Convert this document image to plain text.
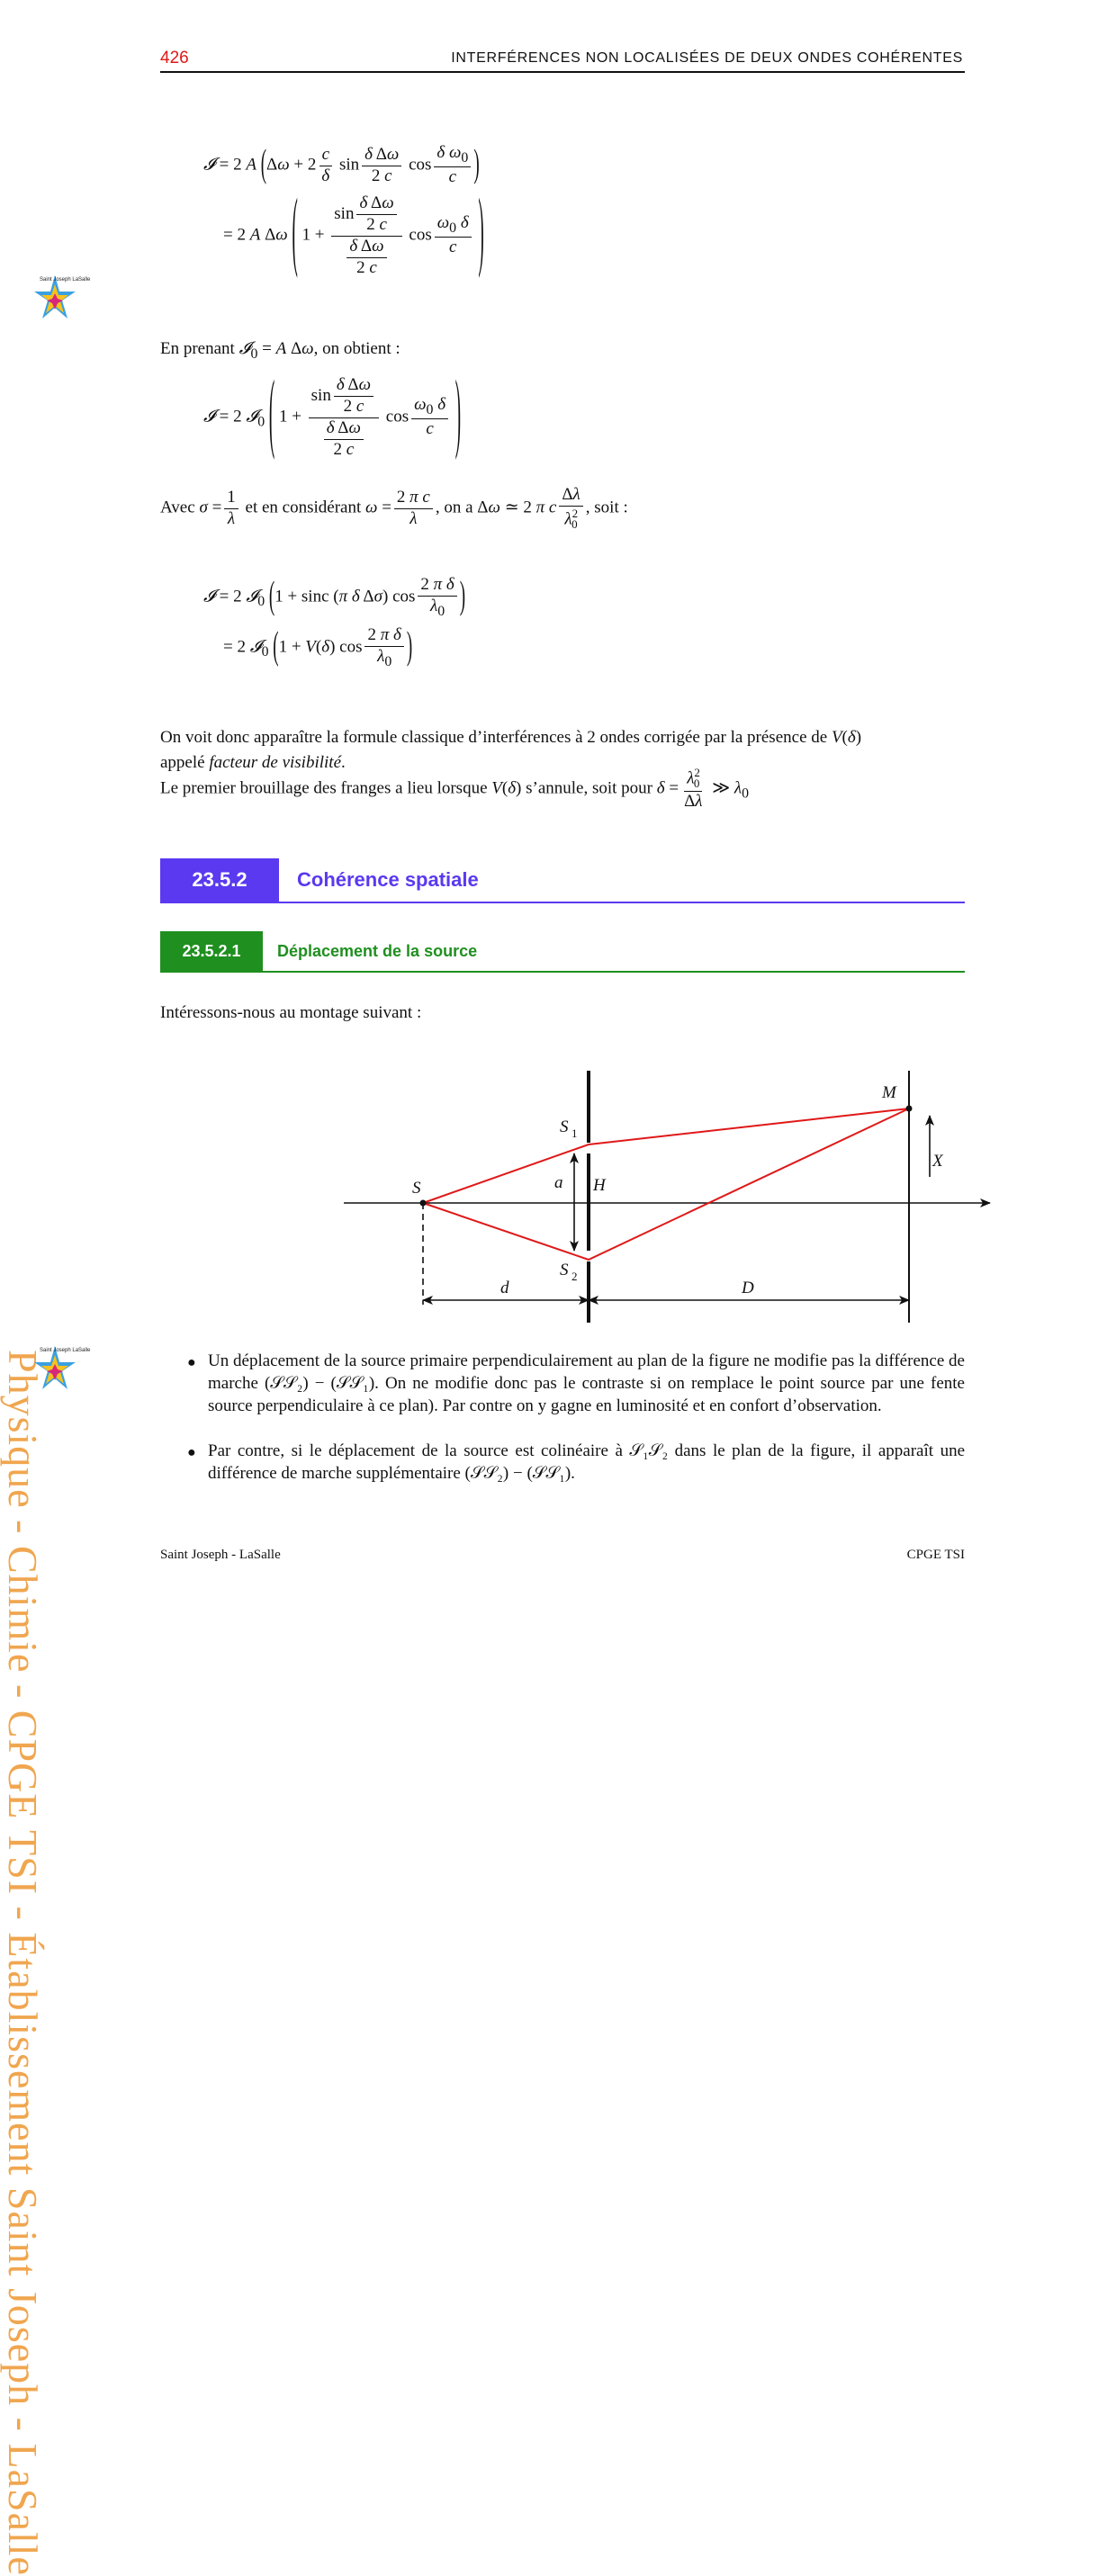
426	INTERFÉRENCES NON LOCALISÉES DE DEUX ONDES COHÉRENTES
Physique - Chimie - CPGE TSI - Établissement Saint Joseph - LaSalle
Saint Joseph LaSalle
Saint Joseph LaSalle
𝓘 = 2 A ($\Delta\omega + 2 \frac{c}{\delta}$ $\sin \frac{\text{δ Δω}}{2 c}$ $\cos \frac{\delta \omega_0}{c}$ )
= 2 A Δω ( $1 + \frac{\sin \frac{\text{δ Δω}}{2 c}}{\frac{\text{δ Δω}}{2 c}}$ $\cos \frac{\omega_0 \delta}{c}$ )
En prenant 𝓘$_0$ = A Δω, on obtient :
𝓘 = 2 𝓘$_0$ ( $1 + \frac{\sin \frac{\text{δ Δω}}{2 c}}{\frac{\text{δ Δω}}{2 c}}$ $\cos \frac{\omega_0 \delta}{c}$ )
Avec $\sigma = \frac{1}{\lambda}$ et en considérant $\omega = \frac{\text{2 π c}}{\lambda}$ , on a Δω ≃ 2 π c $\frac{\Delta\lambda}{\lambda^2_0}$ , soit :
𝓘 = 2 𝓘$_0$ (1 + sinc (π δ Δσ) $\cos \frac{\text{2 π δ}}{\lambda_0}$ )
= 2 𝓘$_0$ (1 + V(δ) $\cos \frac{\text{2 π δ}}{\lambda_0}$ )
On voit donc apparaître la formule classique d’interférences à 2 ondes corrigée par la présence de V(δ)
appelé facteur de visibilité.
Le premier brouillage des franges a lieu lorsque V(δ) s’annule, soit pour $\delta = \frac{\lambda^2_0}{\Delta\lambda}$ ≫ $\lambda_0$
23.5.2	Cohérence spatiale
23.5.2.1	Déplacement de la source
Intéressons-nous au montage suivant :
S
S 1
S 2
a H
M
X
d	D
● Un déplacement de la source primaire perpendiculairement au plan de la figure ne modifie pas la différence de marche (𝒮𝒮₂) − (𝒮𝒮₁). On ne modifie donc pas le contraste si on remplace le point source par une fente source perpendiculaire à ce plan). Par contre on y gagne en luminosité et en confort d’observation.
● Par contre, si le déplacement de la source est colinéaire à 𝒮₁𝒮₂ dans le plan de la figure, il apparaît une différence de marche supplémentaire (𝒮𝒮₂) − (𝒮𝒮₁).
Saint Joseph - LaSalle	CPGE TSI
